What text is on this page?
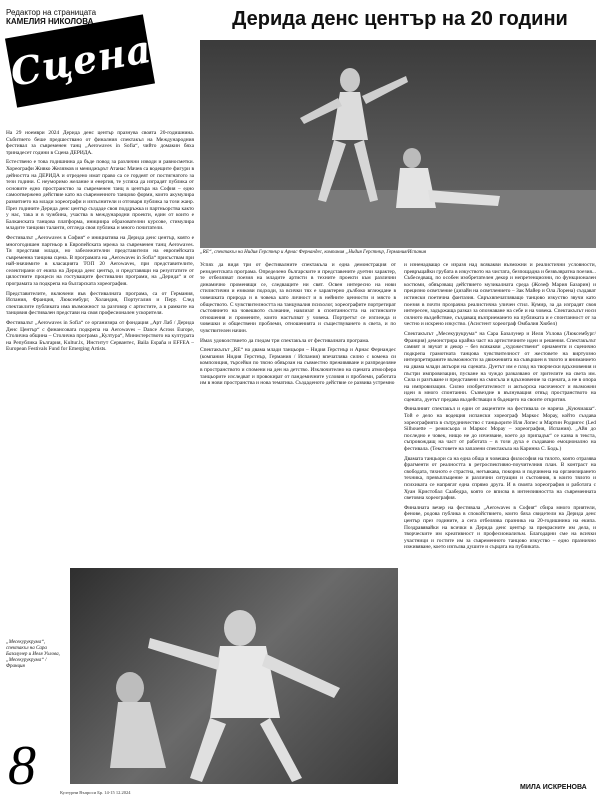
Редактор на страницата
КАМЕЛИЯ НИКОЛОВА
Сцена
Дерида денс център на 20 години
„RE“, спектакъл на Нидия Герстнър и Арнас Фернандес, компания „Нидия Герстнър, Германия/Испания

На 29 ноември 2024 Дерида денс център празнува своята 20-годишнина. Събитието беше предшествано от финалния спектакъл на Международния фестивал за съвременен танц „Aerowaves in Sofia“, чийто домакин бяха тринадесет години в Сцена ДЕРИДА.

Естествено е това годишнина да бъде повод за различни изводи и равносметки. Хореографи Живко Желязков и мениджърът Атанас Мачев са водещите фигури в дейността на ДЕРИДА и отредено имат право са се гордеят от постигнатото за тези години. С неуморимо желание и енергия, те успяха да изградят публика от основите едно пространство за съвременен танц в центъра на София – едно самоотвержено действие като на съвременното танцово форми, които акумулира развитието на млади хореографи и изпълнители и отговаря публика за този жанр. През годините Дерида денс център създаде своя поддръжка и партньорства както у нас, така и в чужбина, участва в международни проекти, един от които е Балканската танцова платформа, инициира образователни курсове, стимулира младите танцови таланти, отгледа своя публика и много почитатели.

Фестивалът „Aerowaves в София“ е инициатива на Дерида денс център, която е многогодишен партньор в Европейската мрежа за съвременен танц Aerowaves. Тя представя млади, но забележителни представители на европейската съвременна танцова сцена. В програмата на „Aerowaves in Sofia“ присъствам при най-значимите в класацията ТОП 20 Aerowaves, при представителите, селектирани от екипа на Дерида денс център, и представящи на резултатите от цялостните процеси на гостуващите фестивални програми, на „Дерида“ и от програмата за подкрепа на българската хореография.

Представителите, включени във фестивалната програма, са от Германия, Испания, Франция, Люксембург, Холандия, Португалия и Перу. След спектаклите публиката има възможност за разговор с артистите, а в рамките на танцовия фестивален представи на своя професионален ускорителя.

Фестивалът „Aerowaves in Sofia“ се организира от фондация „Арт Лаб / Дерида Денс Център“ с финансовата подкрепа на Aerowaves – Dance Across Europe, Столична община – Столична програма „Култура“, Министерството на културата на Република България, Kultur.lx, Институт Сервантес, Baila España и EFFEA – European Festivals Fund for Emerging Artists.

Успях да видя три от фестивалните спектакъла и една демонстрация от резидентската програма. Определено българските и представените дуетни характер, те отбелязват поезия на младите артисти в техните проекти към различни динамично променящи се, следващите ни свят. Освен интересно на нови стилистични и езикови подходи, за всички тях е характерно дълбоко вглеждане в човешката природа и в човека като личност и в нейните ценности и място в обществото. С чувствителността на танцувалия психолог, хореографите портретират състоянието на човешкото съзнание, навлизат в спонтанността на истинските отношения и промените, които настъпват у човека. Портретът се изглежда и човешки и обществени проблеми, отношенията и съществуването в света, и по чувствителен начин.

Имах удоволствието да гледам три спектакъла от фестивалната програма.

Спектакълът „RE“ на двама млади танцьори – Нидия Герстнър и Арнас Фернандес (компания Нидия Герстнър, Германия / Испания) впечатлява силно с комена си композиция, търсейки по тясно обвързан на съвместно преживяване и разпределяне в пространството и спомени на ден на детство. Изключително на сцената атмосфера танцьорите изследват и провокират от пандемичните условия и проблеми, работата им в нови пространства и нова тематика. Създаденото действие се развива устремно

и изненадващо се изразя над всякакви възможни и реалистични условности, превръщайки грубата в изкуството на чистата, безпощадна и безвъзвратна поезия... Събеседващ, по особен изобретателен декор и непретенциозни, по функционален костюми, обвързващ действието музикалната среда (Жозеф Мария Базарин) и прецизно осветление (дизайн на осветлението – Зак Майер и Ола Лорена) създават истински поетична фантазия. Свръхвпечатляващо танцово изкуство звучи като поезия в почти прозрачна реалистична уличен стил. Кумир, за да изградят своя интересен, задържаща разказ за опознаване на себе и на човека. Спектакълът носи силното въздействие, създаващ възприемането на публиката и е спонтанност от за честно и искрено изкуство. (Асистент хореограф Омбалия Хюбел)

Спектакълът „Месекурукрума“ на Сара Базалунер и Иеля Ухлова (Люксембург/Франция) демонстрира крайна част на артистичните идеи и решения. Спектакълът самият и звучат и декор – без всякакви „художествени“ орнаменти и сценично подкрепа грамотната танцова чувствителност от жестовете на виртуозно интерпретираните възможности за движенията на съвършен в тялото и вниманието на двама млади актьори на сцената. Дуетът им е плод на творчески вдъхновения и пъстри импровизации, пускане на чуждо разказвано от зрителите на света им. Сила и разгъване и представени на смисъла и вдъхновение за сцената, а не в опора на импровизации. Силно изобретателност и актьорска насоченост и възможни идеи в много спонтанни. Съзвездие в вълнуващия отвъд пространството на сцената, дуетът предава въздействащи в бъдещето на своите открития.

Финалният спектакъл и един от акцентите на фестивала се нарича „Куючиаша“. Той е дело на водещия испански хореограф Маркос Морау, който създава хореографията в сътрудничество с танцьорите Иля Лопес и Мартин Родригес (Led Silhouette – режисьора и Маркос Морау – хореография, Испания). „Айя до последно е човек, нищо не до изчезване, което до припадък“ се казва в текста, съпровождащ на част от работата – в този духа е създавано емоционално на фестивала. (Текстовете на запазени спектакъла на Каринна С. Бодь.)

Двамата танцьори са на една обща и човешка философия на тялото, която отразява фрагменти от реалността в ретроспективно-поучителния план. В контраст на свободата, тяхното е страстна, негъвкава, покорна и подчинена на организирането техника, превъплъщение и различни ситуации и състояния, в които тялото и психиката се напрягат една спрямо друга. И в своята хореография и работата с Хуан Кристобал Саабедра, която се вписва в интензивността на съвременната световна хореография.

Финалната вечер на фестивала „Aerowaves в София“ сбира много приятели, фенове, родова публика в спокойствието, които бяха свидетели на Дерида денс център през годините, а сега отбелязва празника на 20-годишнина на екипа. Поздравявайки на всички в Дерида денс център за прекрасните им дела, и творческите им креативност и професионализъм. Благодарни сме на всички участници и гостите им за съвременното танцово изкуство – едно празнично изживяване, което изпълва душите и сърцата на публиката.

„Месекурукрума“, спектакъл на Сара Базалунер и Иеля Ухлова, „Месекурукрума“ / Франция
8	Културни Въпроси Бр. 14-15 12.2024
МИЛА ИСКРЕНОВА
